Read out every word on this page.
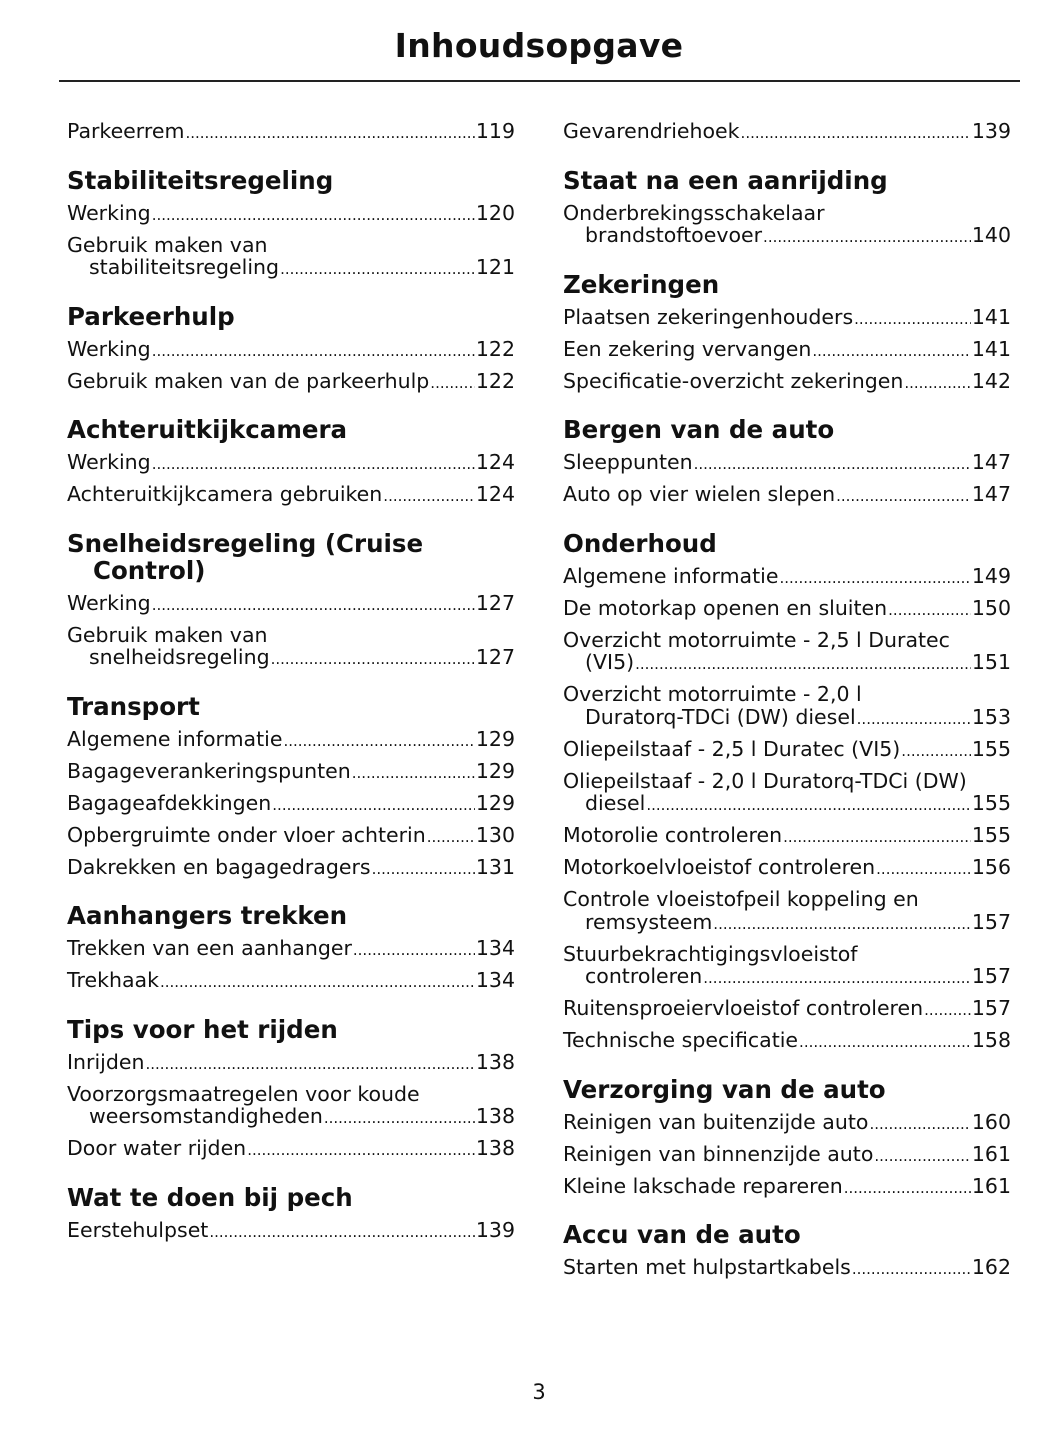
Inhoudsopgave
Parkeerrem .....	119
Stabiliteitsregeling
Werking .....	120
Gebruik maken van
stabiliteitsregeling .....	121
Parkeerhulp
Werking .....	122
Gebruik maken van de parkeerhulp ..... 122
Achteruitkijkcamera
Werking .....	124
Achteruitkijkcamera gebruiken .....	124
Snelheidsregeling (Cruise Control)
Werking .....	127
Gebruik maken van
snelheidsregeling .....	127
Transport
Algemene informatie .....	129
Bagageverankeringspunten .....	129
Bagageafdekkingen .....	129
Opbergruimte onder vloer achterin ..... 130
Dakrekken en bagagedragers .....	131
Aanhangers trekken
Trekken van een aanhanger .....	134
Trekhaak .....	134
Tips voor het rijden
Inrijden .....	138
Voorzorgsmaatregelen voor koude
weersomstandigheden .....	138
Door water rijden .....	138
Wat te doen bij pech
Eerstehulpset .....	139
Gevarendriehoek .....	139
Staat na een aanrijding
Onderbrekingsschakelaar
brandstoftoevoer .....	140
Zekeringen
Plaatsen zekeringenhouders .....	141
Een zekering vervangen .....	141
Specificatie-overzicht zekeringen .....	142
Bergen van de auto
Sleeppunten .....	147
Auto op vier wielen slepen .....	147
Onderhoud
Algemene informatie .....	149
De motorkap openen en sluiten .....	150
Overzicht motorruimte - 2,5 l Duratec
(VI5) .....	151
Overzicht motorruimte - 2,0 l
Duratorq-TDCi (DW) diesel .....	153
Oliepeilstaaf - 2,5 l Duratec (VI5) .....	155
Oliepeilstaaf - 2,0 l Duratorq-TDCi (DW)
diesel .....	155
Motorolie controleren .....	155
Motorkoelvloeistof controleren .....	156
Controle vloeistofpeil koppeling en
remsysteem .....	157
Stuurbekrachtigingsvloeistof
controleren .....	157
Ruitensproeiervloeistof controleren ..... 157
Technische specificatie .....	158
Verzorging van de auto
Reinigen van buitenzijde auto .....	160
Reinigen van binnenzijde auto .....	161
Kleine lakschade repareren .....	161
Accu van de auto
Starten met hulpstartkabels .....	162
3
